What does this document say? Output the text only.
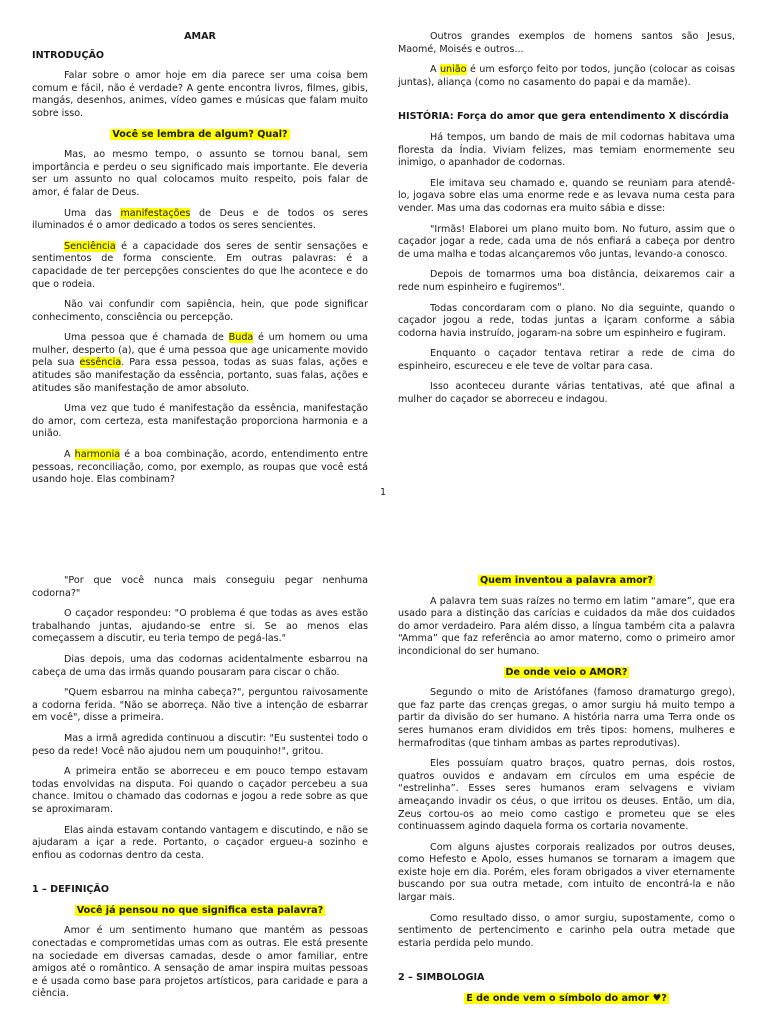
AMAR
INTRODUÇÃO

Falar sobre o amor hoje em dia parece ser uma coisa bem comum e fácil, não é verdade? A gente encontra livros, filmes, gibis, mangás, desenhos, animes, vídeo games e músicas que falam muito sobre isso.

Você se lembra de algum? Qual?

Mas, ao mesmo tempo, o assunto se tornou banal, sem importância e perdeu o seu significado mais importante. Ele deveria ser um assunto no qual colocamos muito respeito, pois falar de amor, é falar de Deus.

Uma das manifestações de Deus e de todos os seres iluminados é o amor dedicado a todos os seres sencientes.

Senciência é a capacidade dos seres de sentir sensações e sentimentos de forma consciente. Em outras palavras: é a capacidade de ter percepções conscientes do que lhe acontece e do que o rodeia.

Não vai confundir com sapiência, hein, que pode significar conhecimento, consciência ou percepção.

Uma pessoa que é chamada de Buda é um homem ou uma mulher, desperto (a), que é uma pessoa que age unicamente movido pela sua essência. Para essa pessoa, todas as suas falas, ações e atitudes são manifestação da essência, portanto, suas falas, ações e atitudes são manifestação de amor absoluto.

Uma vez que tudo é manifestação da essência, manifestação do amor, com certeza, esta manifestação proporciona harmonia e a união.

A harmonia é a boa combinação, acordo, entendimento entre pessoas, reconciliação, como, por exemplo, as roupas que você está usando hoje. Elas combinam?

Outros grandes exemplos de homens santos são Jesus, Maomé, Moisés e outros...

A união é um esforço feito por todos, junção (colocar as coisas juntas), aliança (como no casamento do papai e da mamãe).

HISTÓRIA: Força do amor que gera entendimento X discórdia

Há tempos, um bando de mais de mil codornas habitava uma floresta da Índia. Viviam felizes, mas temiam enormemente seu inimigo, o apanhador de codornas.

Ele imitava seu chamado e, quando se reuniam para atendê-lo, jogava sobre elas uma enorme rede e as levava numa cesta para vender. Mas uma das codornas era muito sábia e disse:

"Irmãs! Elaborei um plano muito bom. No futuro, assim que o caçador jogar a rede, cada uma de nós enfiará a cabeça por dentro de uma malha e todas alcançaremos vôo juntas, levando-a conosco.

Depois de tomarmos uma boa distância, deixaremos cair a rede num espinheiro e fugiremos".

Todas concordaram com o plano. No dia seguinte, quando o caçador jogou a rede, todas juntas a içaram conforme a sábia codorna havia instruído, jogaram-na sobre um espinheiro e fugiram.

Enquanto o caçador tentava retirar a rede de cima do espinheiro, escureceu e ele teve de voltar para casa.

Isso aconteceu durante várias tentativas, até que afinal a mulher do caçador se aborreceu e indagou.

1

"Por que você nunca mais conseguiu pegar nenhuma codorna?"

O caçador respondeu: "O problema é que todas as aves estão trabalhando juntas, ajudando-se entre si. Se ao menos elas começassem a discutir, eu teria tempo de pegá-las."

Dias depois, uma das codornas acidentalmente esbarrou na cabeça de uma das irmãs quando pousaram para ciscar o chão.

"Quem esbarrou na minha cabeça?", perguntou raivosamente a codorna ferida. "Não se aborreça. Não tive a intenção de esbarrar em você", disse a primeira.

Mas a irmã agredida continuou a discutir: "Eu sustentei todo o peso da rede! Você não ajudou nem um pouquinho!", gritou.

A primeira então se aborreceu e em pouco tempo estavam todas envolvidas na disputa. Foi quando o caçador percebeu a sua chance. Imitou o chamado das codornas e jogou a rede sobre as que se aproximaram.

Elas ainda estavam contando vantagem e discutindo, e não se ajudaram a içar a rede. Portanto, o caçador ergueu-a sozinho e enfiou as codornas dentro da cesta.

1 – DEFINIÇÃO
Você já pensou no que significa esta palavra?

Amor é um sentimento humano que mantém as pessoas conectadas e comprometidas umas com as outras. Ele está presente na sociedade em diversas camadas, desde o amor familiar, entre amigos até o romântico. A sensação de amar inspira muitas pessoas e é usada como base para projetos artísticos, para caridade e para a ciência.

Quem inventou a palavra amor?

A palavra tem suas raízes no termo em latim “amare”, que era usado para a distinção das carícias e cuidados da mãe dos cuidados do amor verdadeiro. Para além disso, a língua também cita a palavra “Amma” que faz referência ao amor materno, como o primeiro amor incondicional do ser humano.

De onde veio o AMOR?

Segundo o mito de Aristófanes (famoso dramaturgo grego), que faz parte das crenças gregas, o amor surgiu há muito tempo a partir da divisão do ser humano. A história narra uma Terra onde os seres humanos eram divididos em três tipos: homens, mulheres e hermafroditas (que tinham ambas as partes reprodutivas).

Eles possuíam quatro braços, quatro pernas, dois rostos, quatros ouvidos e andavam em círculos em uma espécie de “estrelinha”. Esses seres humanos eram selvagens e viviam ameaçando invadir os céus, o que irritou os deuses. Então, um dia, Zeus cortou-os ao meio como castigo e prometeu que se eles continuassem agindo daquela forma os cortaria novamente.

Com alguns ajustes corporais realizados por outros deuses, como Hefesto e Apolo, esses humanos se tornaram a imagem que existe hoje em dia. Porém, eles foram obrigados a viver eternamente buscando por sua outra metade, com intuito de encontrá-la e não largar mais.

Como resultado disso, o amor surgiu, supostamente, como o sentimento de pertencimento e carinho pela outra metade que estaria perdida pelo mundo.

2 – SIMBOLOGIA
E de onde vem o símbolo do amor ♥?
